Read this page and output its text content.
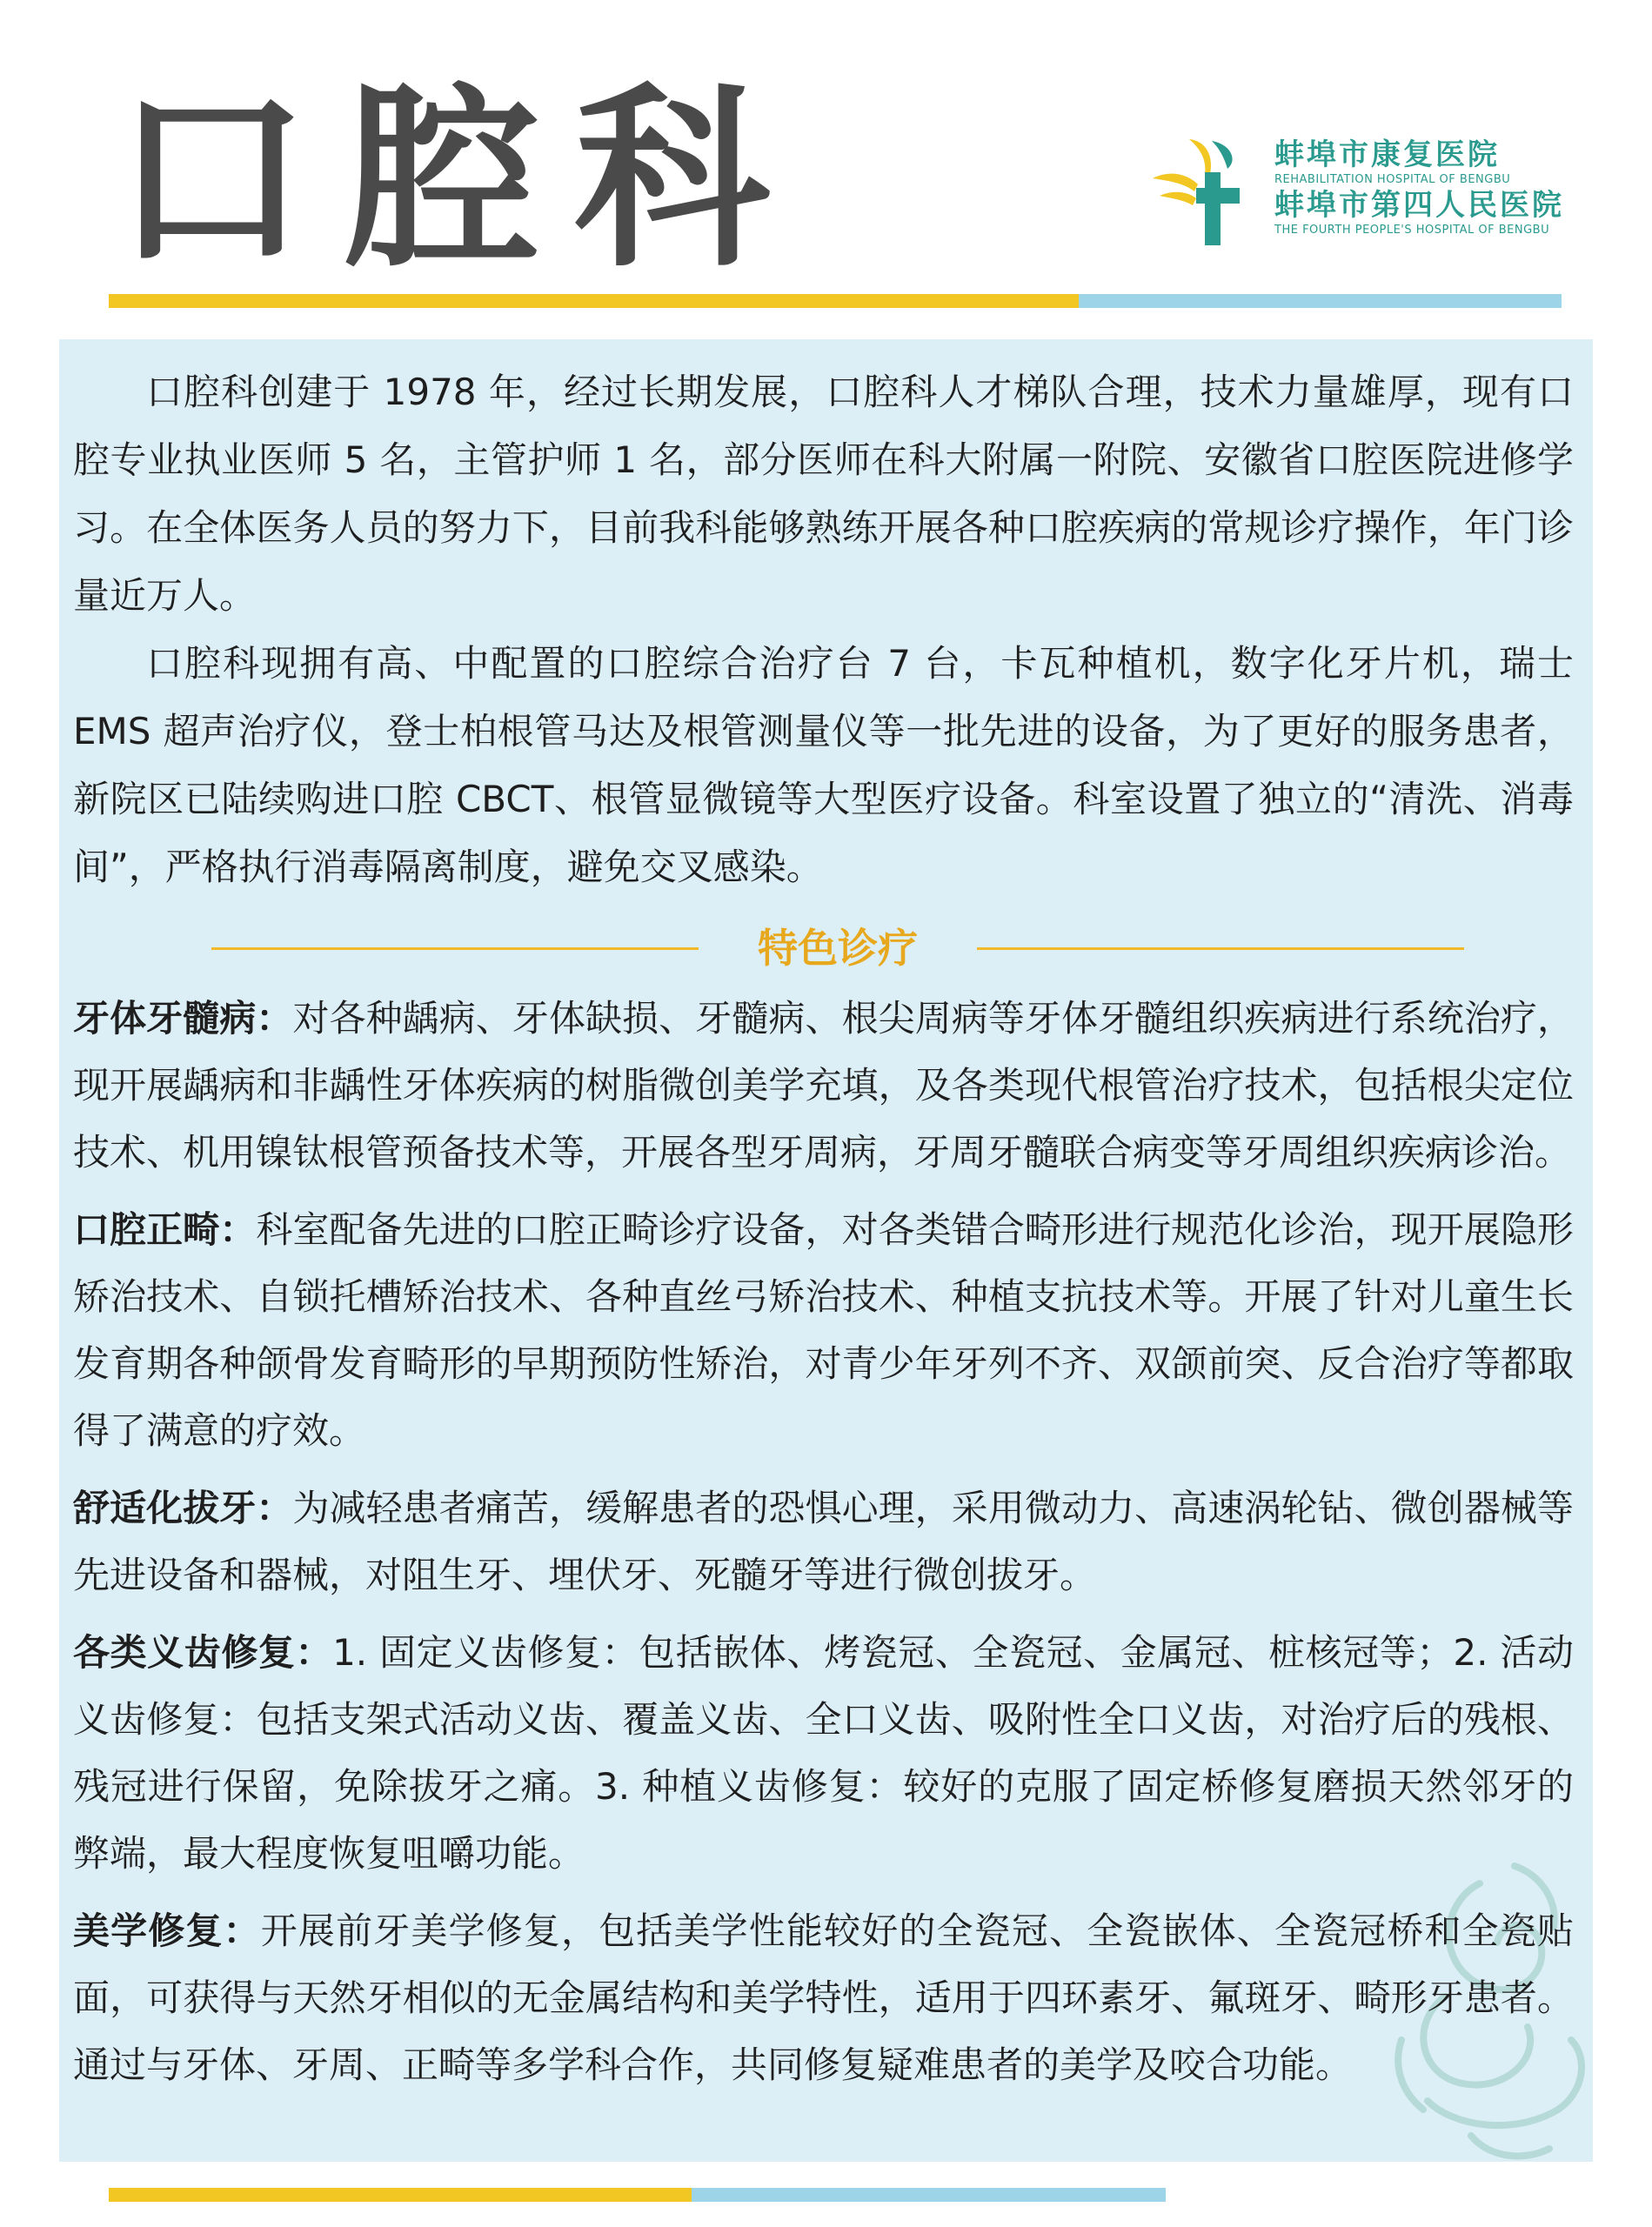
口腔科	蚌埠市康复医院
REHABILITATION HOSPITAL OF BENGBU
蚌埠市第四人民医院
THE FOURTH PEOPLE'S HOSPITAL OF BENGBU

口腔科创建于 1978 年，经过长期发展，口腔科人才梯队合理，技术力量雄厚，现有口腔专业执业医师 5 名，主管护师 1 名，部分医师在科大附属一附院、安徽省口腔医院进修学习。在全体医务人员的努力下，目前我科能够熟练开展各种口腔疾病的常规诊疗操作，年门诊量近万人。

口腔科现拥有高、中配置的口腔综合治疗台 7 台，卡瓦种植机，数字化牙片机，瑞士 EMS 超声治疗仪，登士柏根管马达及根管测量仪等一批先进的设备，为了更好的服务患者，新院区已陆续购进口腔 CBCT、根管显微镜等大型医疗设备。科室设置了独立的“清洗、消毒间”，严格执行消毒隔离制度，避免交叉感染。

特色诊疗

牙体牙髓病：对各种龋病、牙体缺损、牙髓病、根尖周病等牙体牙髓组织疾病进行系统治疗，现开展龋病和非龋性牙体疾病的树脂微创美学充填，及各类现代根管治疗技术，包括根尖定位技术、机用镍钛根管预备技术等，开展各型牙周病，牙周牙髓联合病变等牙周组织疾病诊治。

口腔正畸：科室配备先进的口腔正畸诊疗设备，对各类错合畸形进行规范化诊治，现开展隐形矫治技术、自锁托槽矫治技术、各种直丝弓矫治技术、种植支抗技术等。开展了针对儿童生长发育期各种颌骨发育畸形的早期预防性矫治，对青少年牙列不齐、双颌前突、反合治疗等都取得了满意的疗效。

舒适化拔牙：为减轻患者痛苦，缓解患者的恐惧心理，采用微动力、高速涡轮钻、微创器械等先进设备和器械，对阻生牙、埋伏牙、死髓牙等进行微创拔牙。

各类义齿修复：1. 固定义齿修复：包括嵌体、烤瓷冠、全瓷冠、金属冠、桩核冠等；2. 活动义齿修复：包括支架式活动义齿、覆盖义齿、全口义齿、吸附性全口义齿，对治疗后的残根、残冠进行保留，免除拔牙之痛。3. 种植义齿修复：较好的克服了固定桥修复磨损天然邻牙的弊端，最大程度恢复咀嚼功能。

美学修复：开展前牙美学修复，包括美学性能较好的全瓷冠、全瓷嵌体、全瓷冠桥和全瓷贴面，可获得与天然牙相似的无金属结构和美学特性，适用于四环素牙、氟斑牙、畸形牙患者。通过与牙体、牙周、正畸等多学科合作，共同修复疑难患者的美学及咬合功能。
